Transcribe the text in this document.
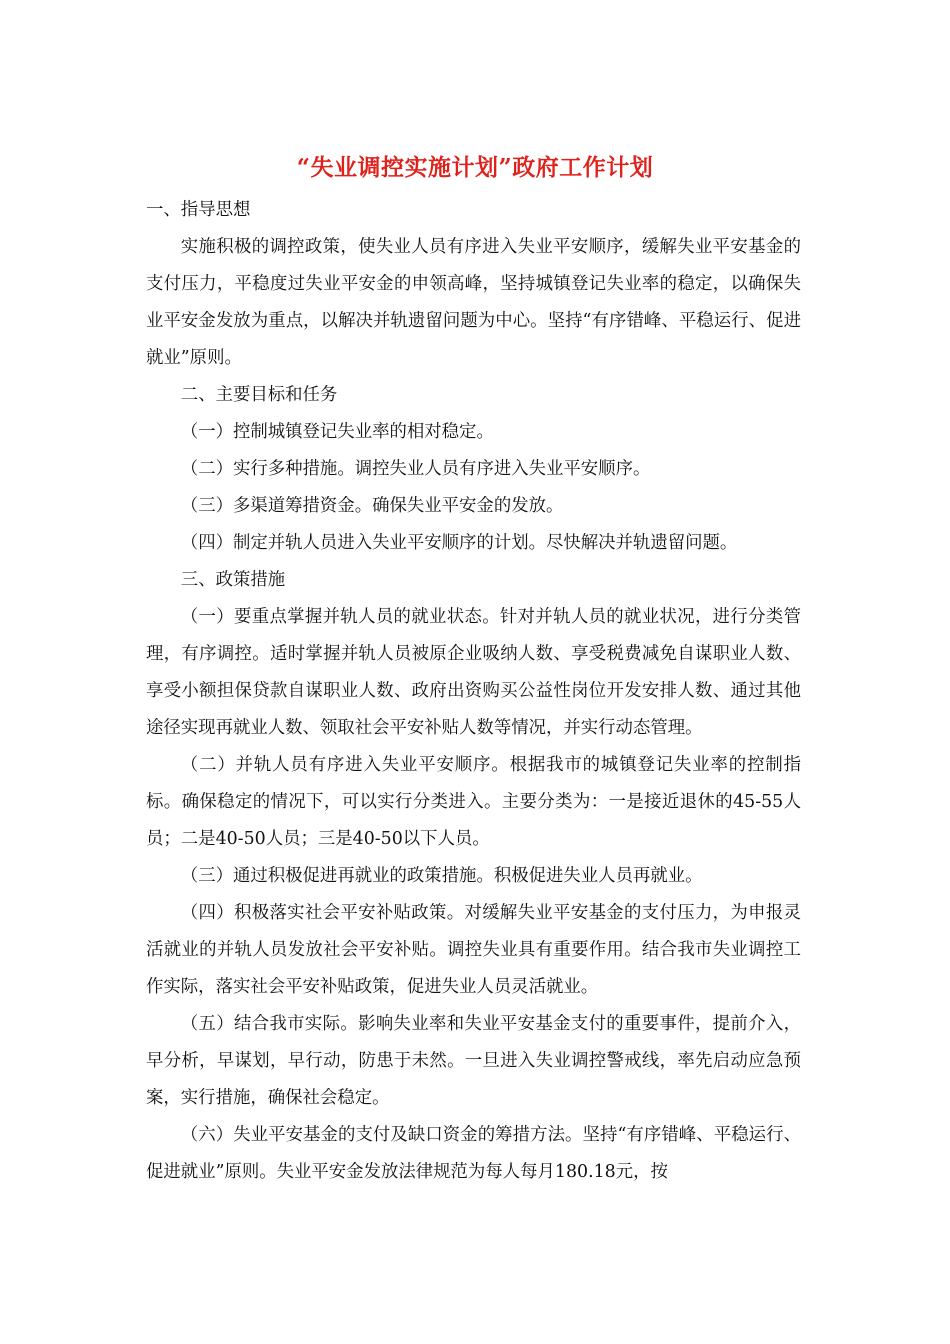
“失业调控实施计划”政府工作计划

一、指导思想

实施积极的调控政策，使失业人员有序进入失业平安顺序，缓解失业平安基金的支付压力，平稳度过失业平安金的申领高峰，坚持城镇登记失业率的稳定，以确保失业平安金发放为重点，以解决并轨遗留问题为中心。坚持“有序错峰、平稳运行、促进就业”原则。

二、主要目标和任务

（一）控制城镇登记失业率的相对稳定。

（二）实行多种措施。调控失业人员有序进入失业平安顺序。

（三）多渠道筹措资金。确保失业平安金的发放。

（四）制定并轨人员进入失业平安顺序的计划。尽快解决并轨遗留问题。

三、政策措施

（一）要重点掌握并轨人员的就业状态。针对并轨人员的就业状况，进行分类管理，有序调控。适时掌握并轨人员被原企业吸纳人数、享受税费减免自谋职业人数、享受小额担保贷款自谋职业人数、政府出资购买公益性岗位开发安排人数、通过其他途径实现再就业人数、领取社会平安补贴人数等情况，并实行动态管理。

（二）并轨人员有序进入失业平安顺序。根据我市的城镇登记失业率的控制指标。确保稳定的情况下，可以实行分类进入。主要分类为：一是接近退休的45-55人员；二是40-50人员；三是40-50以下人员。

（三）通过积极促进再就业的政策措施。积极促进失业人员再就业。

（四）积极落实社会平安补贴政策。对缓解失业平安基金的支付压力，为申报灵活就业的并轨人员发放社会平安补贴。调控失业具有重要作用。结合我市失业调控工作实际，落实社会平安补贴政策，促进失业人员灵活就业。

（五）结合我市实际。影响失业率和失业平安基金支付的重要事件，提前介入，早分析，早谋划，早行动，防患于未然。一旦进入失业调控警戒线，率先启动应急预案，实行措施，确保社会稳定。

（六）失业平安基金的支付及缺口资金的筹措方法。坚持“有序错峰、平稳运行、促进就业”原则。失业平安金发放法律规范为每人每月180.18元，按
